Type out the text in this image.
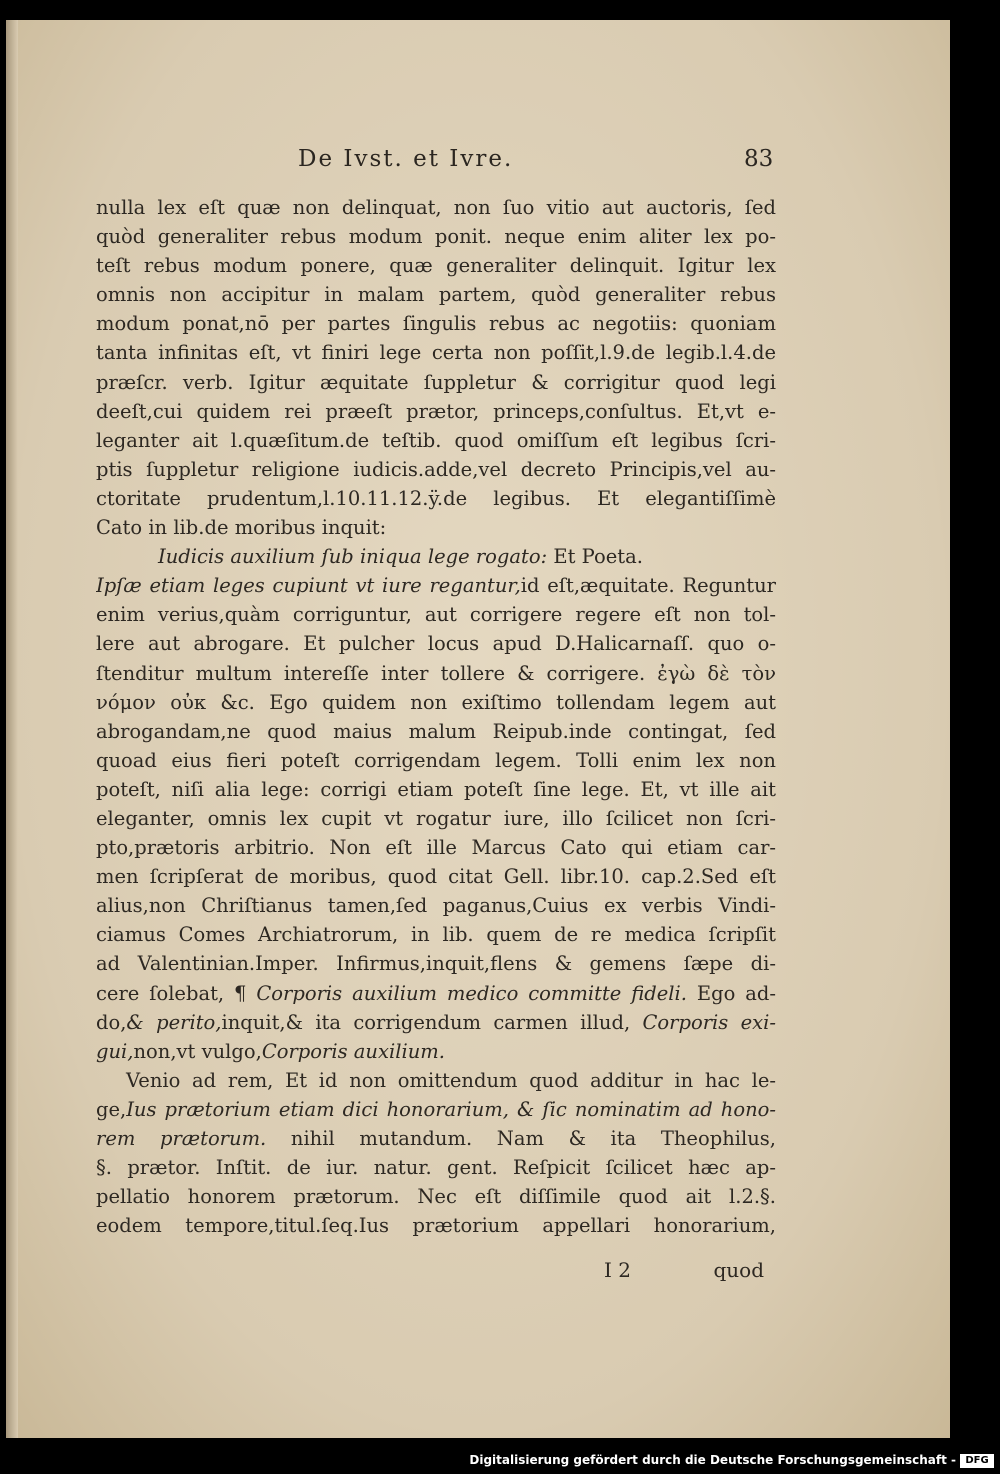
De Ivst. et Ivre.	83
nulla lex eſt quæ non delinquat, non ſuo vitio aut auctoris, ſed
quòd generaliter rebus modum ponit. neque enim aliter lex po-
teſt rebus modum ponere, quæ generaliter delinquit. Igitur lex
omnis non accipitur in malam partem, quòd generaliter rebus
modum ponat,nō per partes ſingulis rebus ac negotiis: quoniam
tanta infinitas eſt, vt finiri lege certa non poſſit,l.9.de legib.l.4.de
præſcr. verb. Igitur æquitate ſuppletur & corrigitur quod legi
deeſt,cui quidem rei præeſt prætor, princeps,conſultus. Et,vt e-
leganter ait l.quæſitum.de teſtib. quod omiſſum eſt legibus ſcri-
ptis ſuppletur religione iudicis.adde,vel decreto Principis,vel au-
ctoritate prudentum,l.10.11.12.ÿ.de legibus. Et elegantiſſimè
Cato in lib.de moribus inquit:
Iudicis auxilium ſub iniqua lege rogato: Et Poeta.
Ipſæ etiam leges cupiunt vt iure regantur,id eſt,æquitate. Reguntur
enim verius,quàm corriguntur, aut corrigere regere eſt non tol-
lere aut abrogare. Et pulcher locus apud D.Halicarnaſſ. quo o-
ſtenditur multum intereſſe inter tollere & corrigere. ἐγὼ δὲ τὸν
νόμον οὐκ &c. Ego quidem non exiſtimo tollendam legem aut
abrogandam,ne quod maius malum Reipub.inde contingat, ſed
quoad eius fieri poteſt corrigendam legem. Tolli enim lex non
poteſt, niſi alia lege: corrigi etiam poteſt ſine lege. Et, vt ille ait
eleganter, omnis lex cupit vt rogatur iure, illo ſcilicet non ſcri-
pto,prætoris arbitrio. Non eſt ille Marcus Cato qui etiam car-
men ſcripſerat de moribus, quod citat Gell. libr.10. cap.2.Sed eſt
alius,non Chriſtianus tamen,ſed paganus,Cuius ex verbis Vindi-
ciamus Comes Archiatrorum, in lib. quem de re medica ſcripſit
ad Valentinian.Imper. Infirmus,inquit,flens & gemens ſæpe di-
cere ſolebat, ¶ Corporis auxilium medico committe fideli. Ego ad-
do,& perito,inquit,& ita corrigendum carmen illud, Corporis exi-
gui,non,vt vulgo,Corporis auxilium.
Venio ad rem, Et id non omittendum quod additur in hac le-
ge,Ius prætorium etiam dici honorarium, & ſic nominatim ad hono-
rem prætorum. nihil mutandum. Nam & ita Theophilus,
§. prætor. Inſtit. de iur. natur. gent. Reſpicit ſcilicet hæc ap-
pellatio honorem prætorum. Nec eſt diſſimile quod ait l.2.§.
eodem tempore,titul.ſeq.Ius prætorium appellari honorarium,
I 2	quod
Digitalisierung gefördert durch die Deutsche Forschungsgemeinschaft - DFG
